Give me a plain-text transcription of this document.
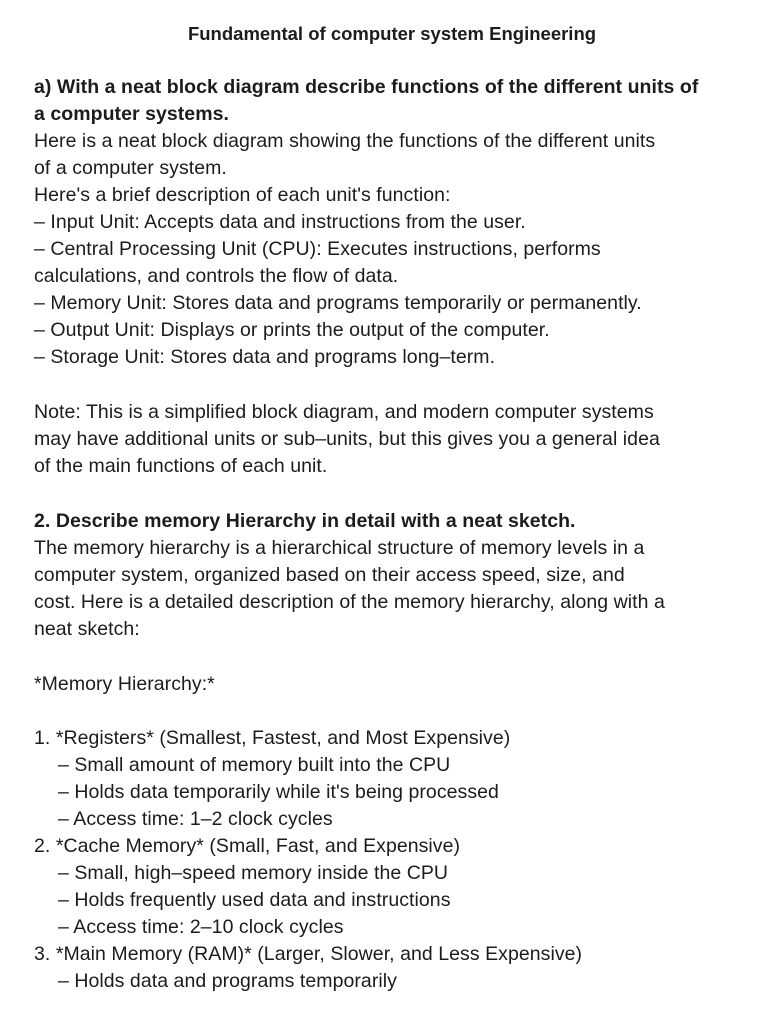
Fundamental of computer system Engineering
a) With a neat block diagram describe functions of the different units of
a computer systems.
Here is a neat block diagram showing the functions of the different units
of a computer system.
Here's a brief description of each unit's function:
– Input Unit: Accepts data and instructions from the user.
– Central Processing Unit (CPU): Executes instructions, performs
calculations, and controls the flow of data.
– Memory Unit: Stores data and programs temporarily or permanently.
– Output Unit: Displays or prints the output of the computer.
– Storage Unit: Stores data and programs long–term.
Note: This is a simplified block diagram, and modern computer systems
may have additional units or sub–units, but this gives you a general idea
of the main functions of each unit.
2. Describe memory Hierarchy in detail with a neat sketch.
The memory hierarchy is a hierarchical structure of memory levels in a
computer system, organized based on their access speed, size, and
cost. Here is a detailed description of the memory hierarchy, along with a
neat sketch:
*Memory Hierarchy:*
1. *Registers* (Smallest, Fastest, and Most Expensive)
– Small amount of memory built into the CPU
– Holds data temporarily while it's being processed
– Access time: 1–2 clock cycles
2. *Cache Memory* (Small, Fast, and Expensive)
– Small, high–speed memory inside the CPU
– Holds frequently used data and instructions
– Access time: 2–10 clock cycles
3. *Main Memory (RAM)* (Larger, Slower, and Less Expensive)
– Holds data and programs temporarily
